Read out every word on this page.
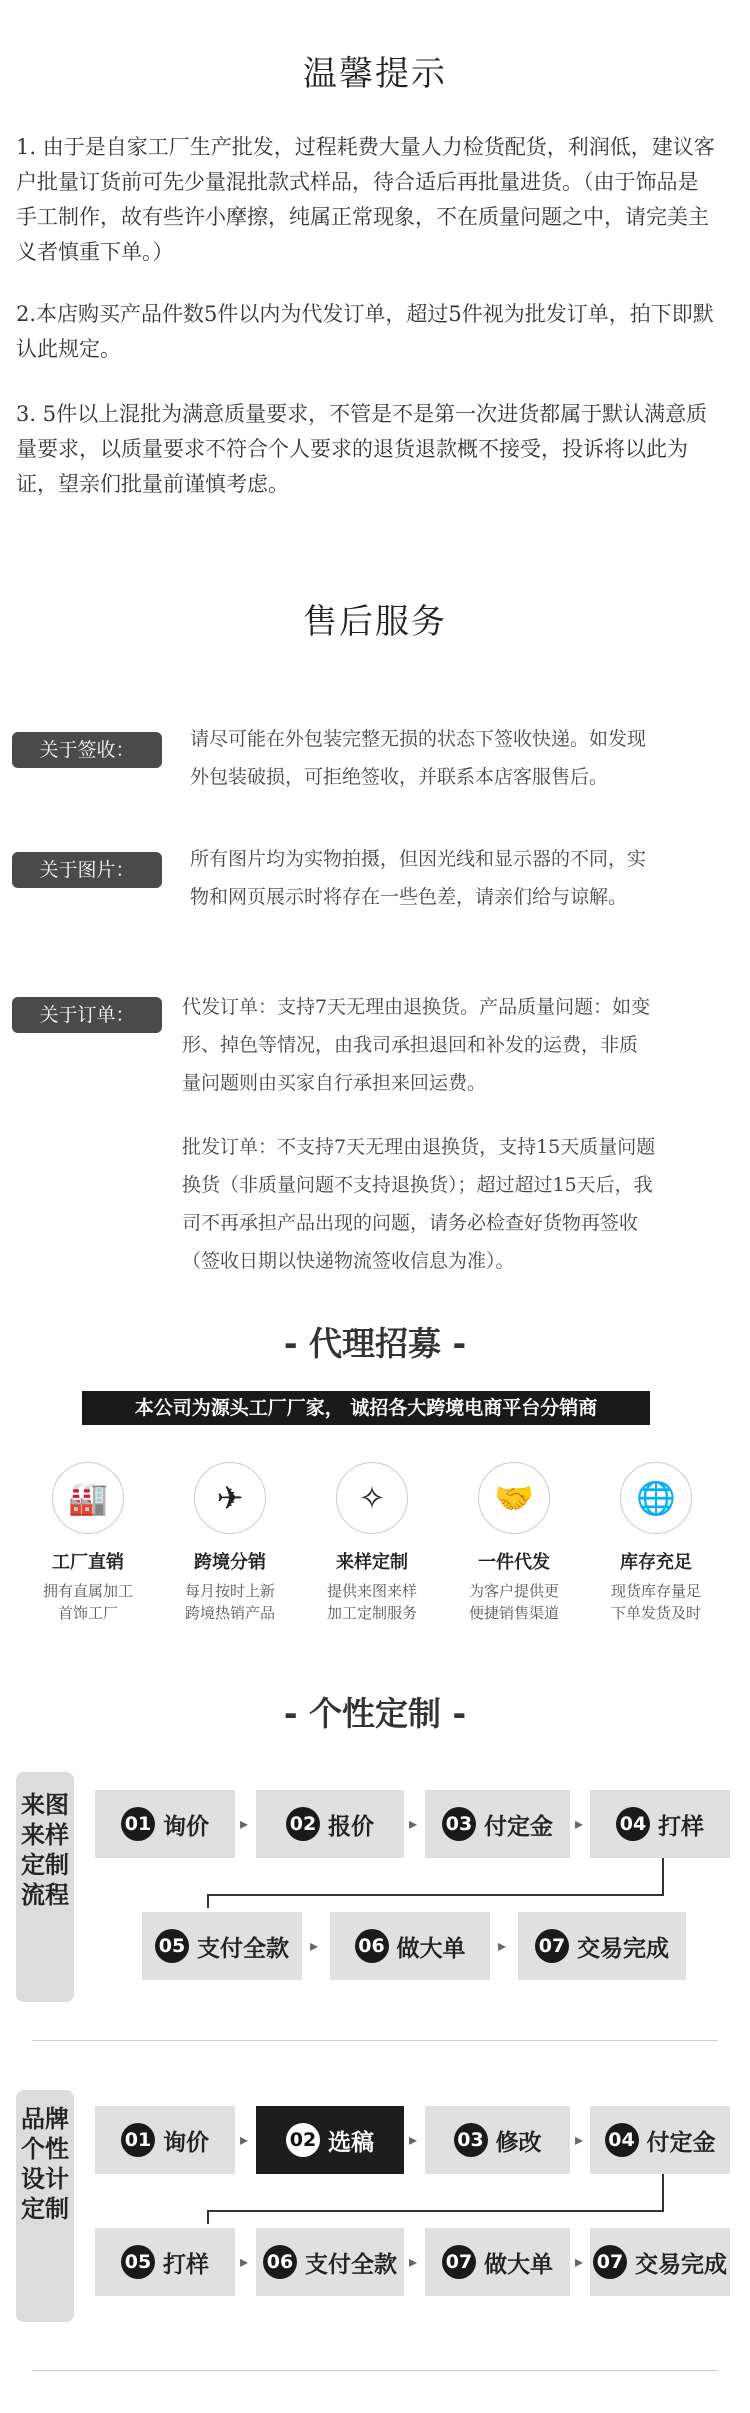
温馨提示
1. 由于是自家工厂生产批发，过程耗费大量人力检货配货，利润低，建议客户批量订货前可先少量混批款式样品，待合适后再批量进货。（由于饰品是手工制作，故有些许小摩擦，纯属正常现象，不在质量问题之中，请完美主义者慎重下单。）
2.本店购买产品件数5件以内为代发订单，超过5件视为批发订单，拍下即默认此规定。
3. 5件以上混批为满意质量要求，不管是不是第一次进货都属于默认满意质量要求，以质量要求不符合个人要求的退货退款概不接受，投诉将以此为证，望亲们批量前谨慎考虑。
售后服务
关于签收：	请尽可能在外包装完整无损的状态下签收快递。如发现
外包装破损，可拒绝签收，并联系本店客服售后。
关于图片：	所有图片均为实物拍摄，但因光线和显示器的不同，实
物和网页展示时将存在一些色差，请亲们给与谅解。
关于订单：	代发订单：支持7天无理由退换货。产品质量问题：如变
形、掉色等情况，由我司承担退回和补发的运费，非质
量问题则由买家自行承担来回运费。
批发订单：不支持7天无理由退换货，支持15天质量问题
换货（非质量问题不支持退换货）；超过超过15天后，我
司不再承担产品出现的问题，请务必检查好货物再签收
（签收日期以快递物流签收信息为准）。
- 代理招募 -
本公司为源头工厂厂家， 诚招各大跨境电商平台分销商
🏭
工厂直销
拥有直属加工
首饰工厂
✈
跨境分销
每月按时上新
跨境热销产品
✧
来样定制
提供来图来样
加工定制服务
🤝
一件代发
为客户提供更
便捷销售渠道
🌐
库存充足
现货库存量足
下单发货及时
- 个性定制 -
来图来样定制流程
01 询价 ▸ 02 报价 ▸ 03 付定金 ▸ 04 打样
05 支付全款 ▸ 06 做大单 ▸ 07 交易完成
品牌个性设计定制
01 询价 ▸ 02 选稿 ▸ 03 修改 ▸ 04 付定金
05 打样 ▸ 06 支付全款 ▸ 07 做大单 ▸ 07 交易完成
